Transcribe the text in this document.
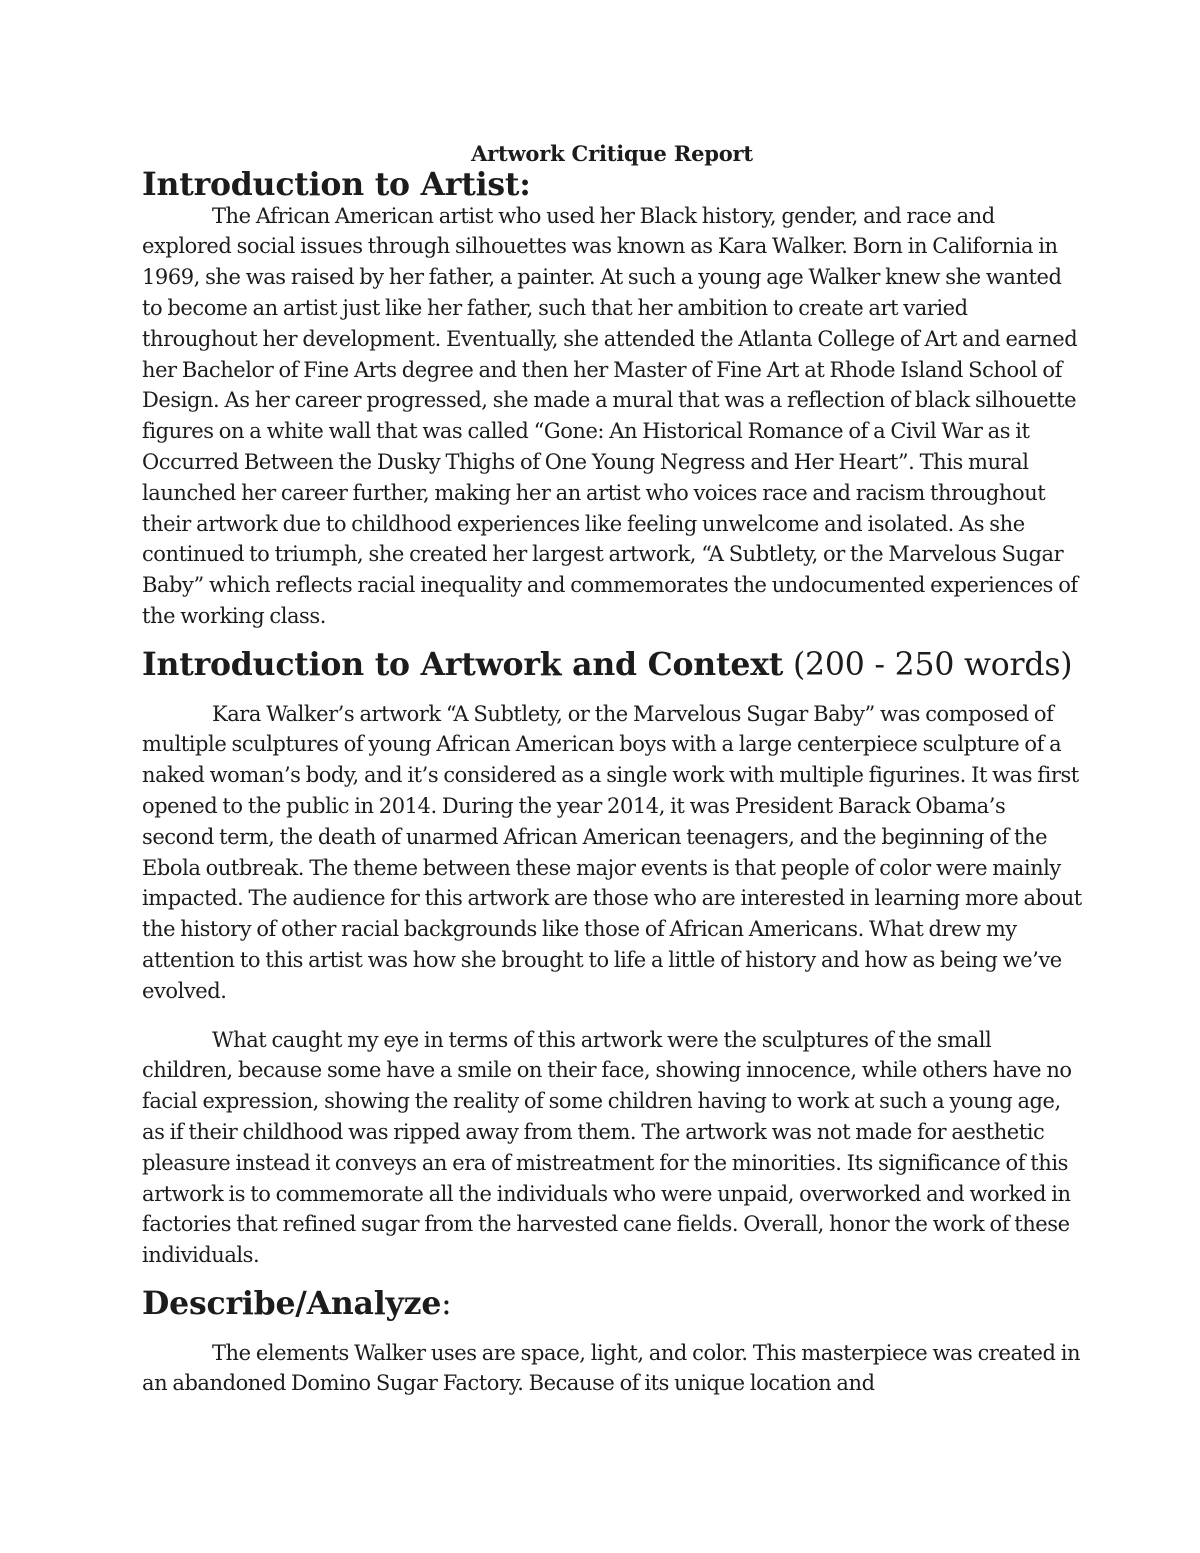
Artwork Critique Report
Introduction to Artist:

The African American artist who used her Black history, gender, and race and explored social issues through silhouettes was known as Kara Walker. Born in California in 1969, she was raised by her father, a painter. At such a young age Walker knew she wanted to become an artist just like her father, such that her ambition to create art varied throughout her development. Eventually, she attended the Atlanta College of Art and earned her Bachelor of Fine Arts degree and then her Master of Fine Art at Rhode Island School of Design. As her career progressed, she made a mural that was a reflection of black silhouette figures on a white wall that was called “Gone: An Historical Romance of a Civil War as it Occurred Between the Dusky Thighs of One Young Negress and Her Heart”. This mural launched her career further, making her an artist who voices race and racism throughout their artwork due to childhood experiences like feeling unwelcome and isolated. As she continued to triumph, she created her largest artwork, “A Subtlety, or the Marvelous Sugar Baby” which reflects racial inequality and commemorates the undocumented experiences of the working class.

Introduction to Artwork and Context (200 - 250 words)

Kara Walker’s artwork “A Subtlety, or the Marvelous Sugar Baby” was composed of multiple sculptures of young African American boys with a large centerpiece sculpture of a naked woman’s body, and it’s considered as a single work with multiple figurines. It was first opened to the public in 2014. During the year 2014, it was President Barack Obama’s second term, the death of unarmed African American teenagers, and the beginning of the Ebola outbreak. The theme between these major events is that people of color were mainly impacted. The audience for this artwork are those who are interested in learning more about the history of other racial backgrounds like those of African Americans. What drew my attention to this artist was how she brought to life a little of history and how as being we’ve evolved.

What caught my eye in terms of this artwork were the sculptures of the small children, because some have a smile on their face, showing innocence, while others have no facial expression, showing the reality of some children having to work at such a young age, as if their childhood was ripped away from them. The artwork was not made for aesthetic pleasure instead it conveys an era of mistreatment for the minorities. Its significance of this artwork is to commemorate all the individuals who were unpaid, overworked and worked in factories that refined sugar from the harvested cane fields. Overall, honor the work of these individuals.

Describe/Analyze:

The elements Walker uses are space, light, and color. This masterpiece was created in an abandoned Domino Sugar Factory. Because of its unique location and
